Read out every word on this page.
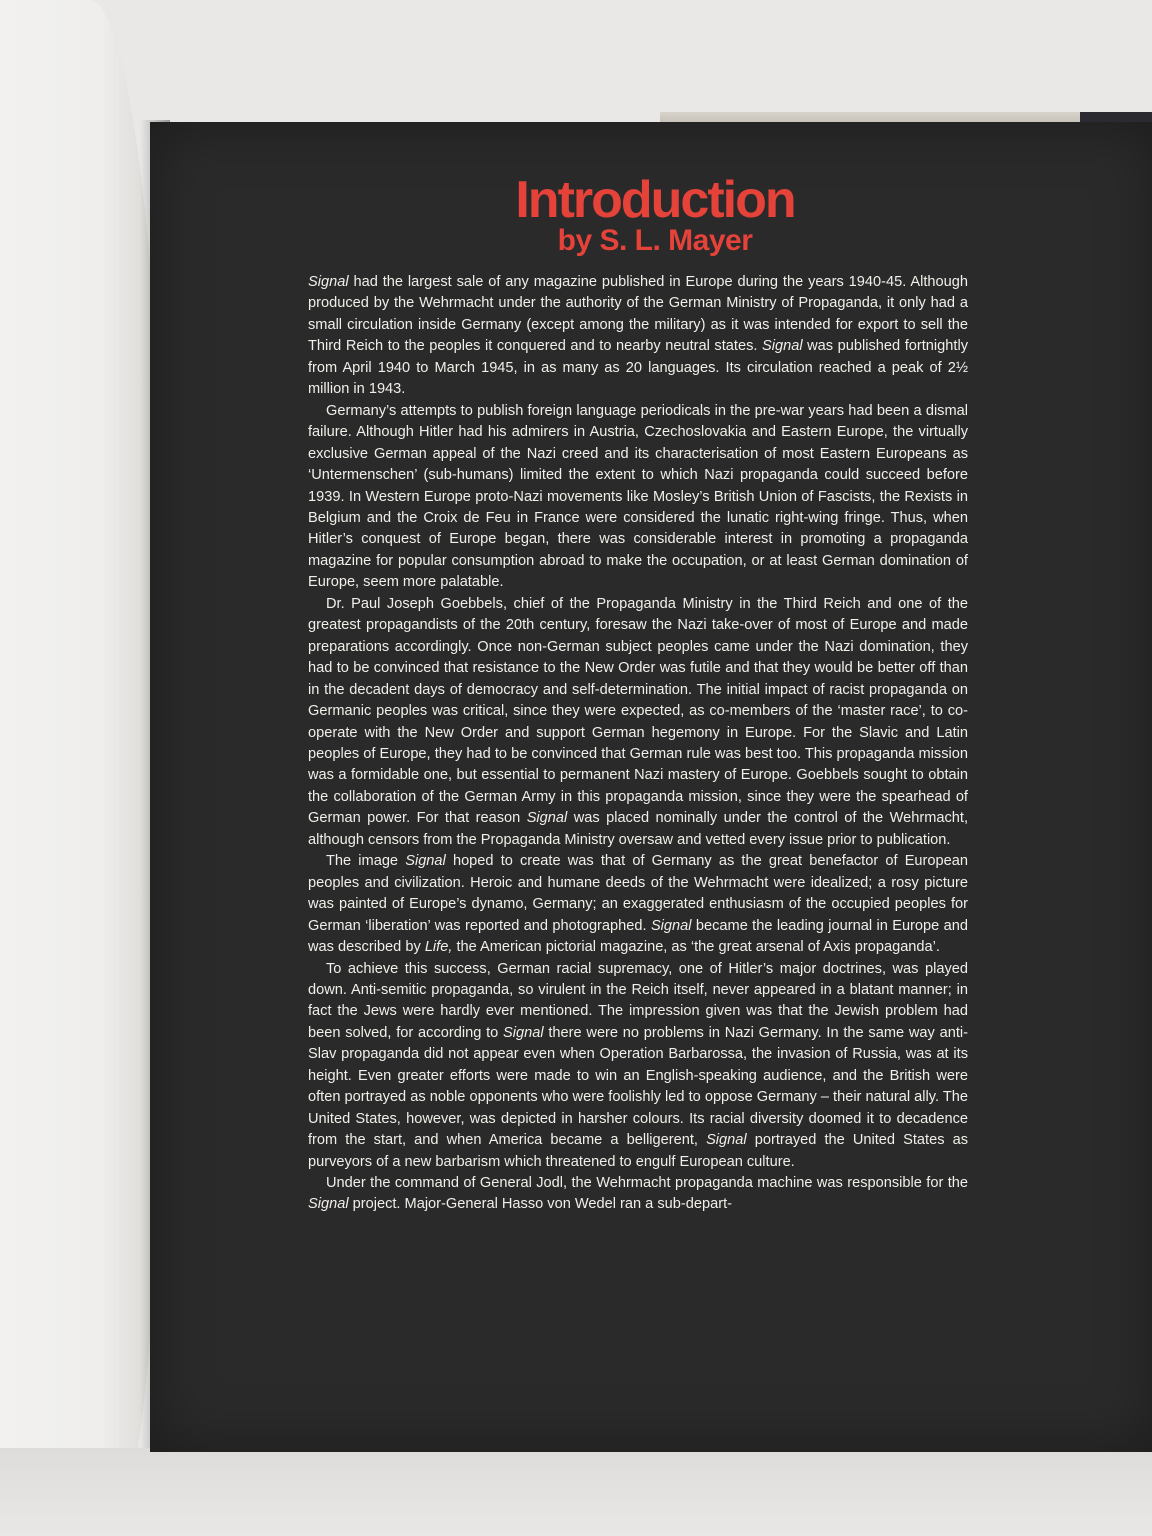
Introduction
by S. L. Mayer

Signal had the largest sale of any magazine published in Europe during the years 1940-45. Although produced by the Wehrmacht under the authority of the German Ministry of Propaganda, it only had a small circulation inside Germany (except among the military) as it was intended for export to sell the Third Reich to the peoples it conquered and to nearby neutral states. Signal was published fortnightly from April 1940 to March 1945, in as many as 20 languages. Its circulation reached a peak of 2½ million in 1943.

Germany’s attempts to publish foreign language periodicals in the pre-war years had been a dismal failure. Although Hitler had his admirers in Austria, Czechoslovakia and Eastern Europe, the virtually exclusive German appeal of the Nazi creed and its characterisation of most Eastern Europeans as ‘Untermenschen’ (sub-humans) limited the extent to which Nazi propaganda could succeed before 1939. In Western Europe proto-Nazi movements like Mosley’s British Union of Fascists, the Rexists in Belgium and the Croix de Feu in France were considered the lunatic right-wing fringe. Thus, when Hitler’s conquest of Europe began, there was considerable interest in promoting a propaganda magazine for popular consumption abroad to make the occupation, or at least German domination of Europe, seem more palatable.

Dr. Paul Joseph Goebbels, chief of the Propaganda Ministry in the Third Reich and one of the greatest propagandists of the 20th century, foresaw the Nazi take-over of most of Europe and made preparations accordingly. Once non-German subject peoples came under the Nazi domination, they had to be convinced that resistance to the New Order was futile and that they would be better off than in the decadent days of democracy and self-determination. The initial impact of racist propaganda on Germanic peoples was critical, since they were expected, as co-members of the ‘master race’, to co-operate with the New Order and support German hegemony in Europe. For the Slavic and Latin peoples of Europe, they had to be convinced that German rule was best too. This propaganda mission was a formidable one, but essential to permanent Nazi mastery of Europe. Goebbels sought to obtain the collaboration of the German Army in this propaganda mission, since they were the spearhead of German power. For that reason Signal was placed nominally under the control of the Wehrmacht, although censors from the Propaganda Ministry oversaw and vetted every issue prior to publication.

The image Signal hoped to create was that of Germany as the great benefactor of European peoples and civilization. Heroic and humane deeds of the Wehrmacht were idealized; a rosy picture was painted of Europe’s dynamo, Germany; an exaggerated enthusiasm of the occupied peoples for German ‘liberation’ was reported and photographed. Signal became the leading journal in Europe and was described by Life, the American pictorial magazine, as ‘the great arsenal of Axis propaganda’.

To achieve this success, German racial supremacy, one of Hitler’s major doctrines, was played down. Anti-semitic propaganda, so virulent in the Reich itself, never appeared in a blatant manner; in fact the Jews were hardly ever mentioned. The impression given was that the Jewish problem had been solved, for according to Signal there were no problems in Nazi Germany. In the same way anti-Slav propaganda did not appear even when Operation Barbarossa, the invasion of Russia, was at its height. Even greater efforts were made to win an English-speaking audience, and the British were often portrayed as noble opponents who were foolishly led to oppose Germany – their natural ally. The United States, however, was depicted in harsher colours. Its racial diversity doomed it to decadence from the start, and when America became a belligerent, Signal portrayed the United States as purveyors of a new barbarism which threatened to engulf European culture.

Under the command of General Jodl, the Wehrmacht propaganda machine was responsible for the Signal project. Major-General Hasso von Wedel ran a sub-depart-
